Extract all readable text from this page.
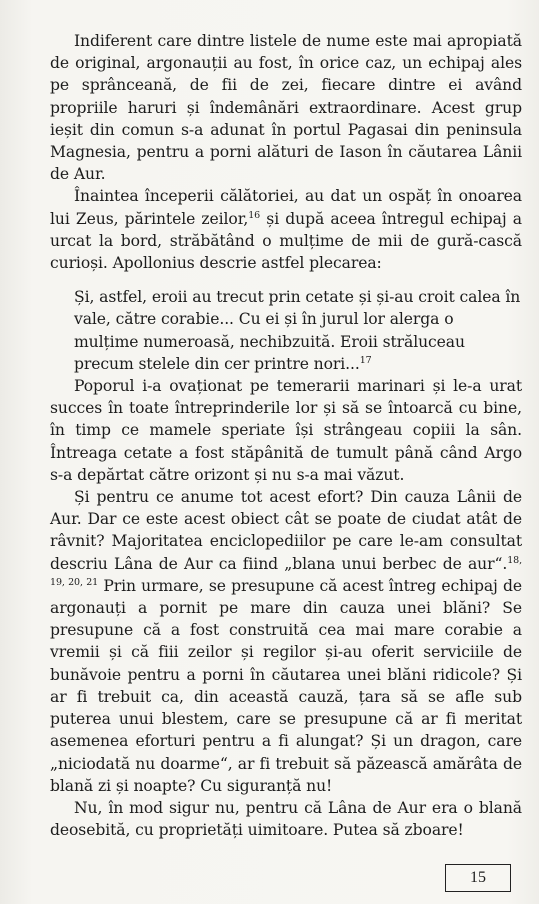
Indiferent care dintre listele de nume este mai apropiată de original, argonauții au fost, în orice caz, un echipaj ales pe sprânceană, de fii de zei, fiecare dintre ei având propriile haruri și îndemânări extraordinare. Acest grup ieșit din comun s-a adunat în portul Pagasai din peninsula Magnesia, pentru a porni alături de Iason în căutarea Lânii de Aur.

Înaintea începerii călătoriei, au dat un ospăț în onoarea lui Zeus, părintele zeilor,$^{16}$ și după aceea întregul echipaj a urcat la bord, străbătând o mulțime de mii de gură-cască curioși. Apollonius descrie astfel plecarea:

Și, astfel, eroii au trecut prin cetate și și-au croit calea în vale, către corabie... Cu ei și în jurul lor alerga o mulțime numeroasă, nechibzuită. Eroii străluceau precum stelele din cer printre nori...$^{17}$

Poporul i-a ovaționat pe temerarii marinari și le-a urat succes în toate întreprinderile lor și să se întoarcă cu bine, în timp ce mamele speriate își strângeau copiii la sân. Întreaga cetate a fost stăpânită de tumult până când Argo s-a depărtat către orizont și nu s-a mai văzut.

Și pentru ce anume tot acest efort? Din cauza Lânii de Aur. Dar ce este acest obiect cât se poate de ciudat atât de râvnit? Majoritatea enciclopediilor pe care le-am consultat descriu Lâna de Aur ca fiind „blana unui berbec de aur“.$^{18, 19, 20, 21}$ Prin urmare, se presupune că acest întreg echipaj de argonauți a pornit pe mare din cauza unei blăni? Se presupune că a fost construită cea mai mare corabie a vremii și că fiii zeilor și regilor și-au oferit serviciile de bunăvoie pentru a porni în căutarea unei blăni ridicole? Și ar fi trebuit ca, din această cauză, țara să se afle sub puterea unui blestem, care se presupune că ar fi meritat asemenea eforturi pentru a fi alungat? Și un dragon, care „niciodată nu doarme“, ar fi trebuit să păzească amărâta de blană zi și noapte? Cu siguranță nu!

Nu, în mod sigur nu, pentru că Lâna de Aur era o blană deosebită, cu proprietăți uimitoare. Putea să zboare!

15
